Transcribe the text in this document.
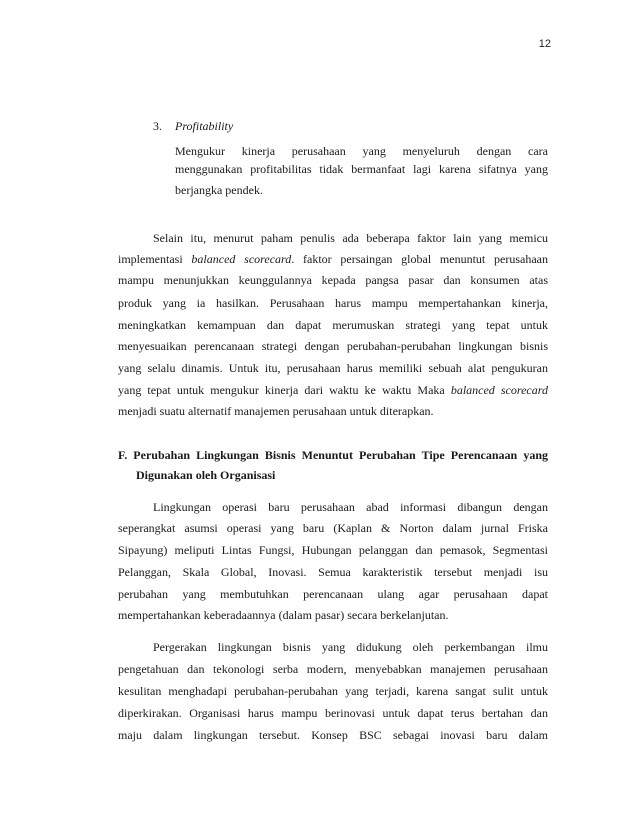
12
3. Profitability
Mengukur kinerja perusahaan yang menyeluruh dengan cara
menggunakan profitabilitas tidak bermanfaat lagi karena sifatnya yang
berjangka pendek.
Selain itu, menurut paham penulis ada beberapa faktor lain yang memicu
implementasi balanced scorecard. faktor persaingan global menuntut perusahaan
mampu menunjukkan keunggulannya kepada pangsa pasar dan konsumen atas
produk yang ia hasilkan. Perusahaan harus mampu mempertahankan kinerja,
meningkatkan kemampuan dan dapat merumuskan strategi yang tepat untuk
menyesuaikan perencanaan strategi dengan perubahan-perubahan lingkungan bisnis
yang selalu dinamis. Untuk itu, perusahaan harus memiliki sebuah alat pengukuran
yang tepat untuk mengukur kinerja dari waktu ke waktu Maka balanced scorecard
menjadi suatu alternatif manajemen perusahaan untuk diterapkan.
F. Perubahan Lingkungan Bisnis Menuntut Perubahan Tipe Perencanaan yang
Digunakan oleh Organisasi
Lingkungan operasi baru perusahaan abad informasi dibangun dengan
seperangkat asumsi operasi yang baru (Kaplan & Norton dalam jurnal Friska
Sipayung) meliputi Lintas Fungsi, Hubungan pelanggan dan pemasok, Segmentasi
Pelanggan, Skala Global, Inovasi. Semua karakteristik tersebut menjadi isu
perubahan yang membutuhkan perencanaan ulang agar perusahaan dapat
mempertahankan keberadaannya (dalam pasar) secara berkelanjutan.
Pergerakan lingkungan bisnis yang didukung oleh perkembangan ilmu
pengetahuan dan tekonologi serba modern, menyebabkan manajemen perusahaan
kesulitan menghadapi perubahan-perubahan yang terjadi, karena sangat sulit untuk
diperkirakan. Organisasi harus mampu berinovasi untuk dapat terus bertahan dan
maju dalam lingkungan tersebut. Konsep BSC sebagai inovasi baru dalam
